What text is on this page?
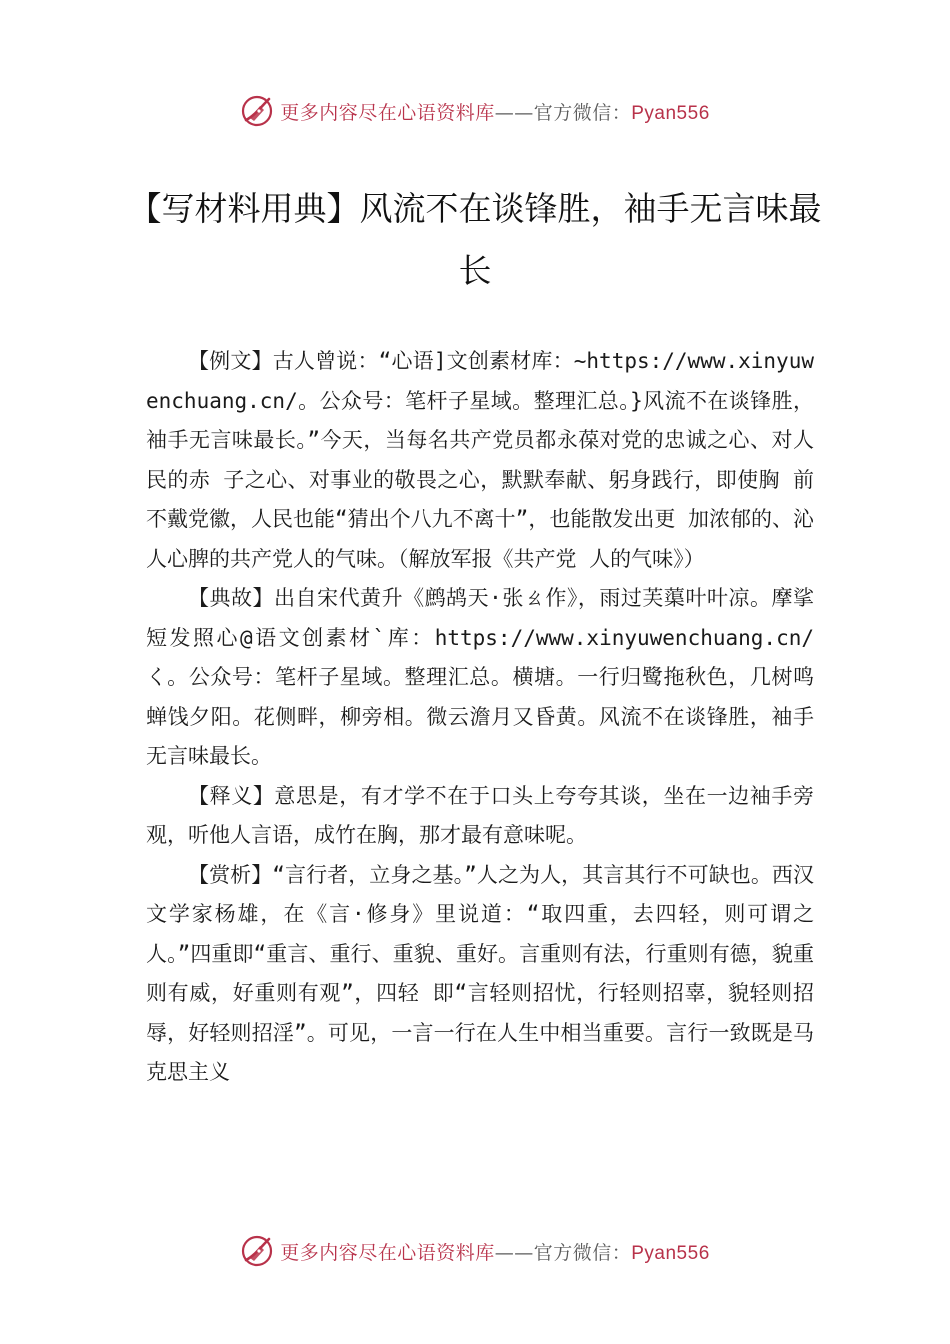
更多内容尽在心语资料库——官方微信：Pyan556
【写材料用典】风流不在谈锋胜，袖手无言味最长

【例文】古人曾说：“心语]文创素材库：~https://www.xinyuwenchuang.cn/。公众号：笔杆子星域。整理汇总。}风流不在谈锋胜，袖手无言味最长。”今天，当每名共产党员都永葆对党的忠诚之心、对人民的赤 子之心、对事业的敬畏之心，默默奉献、躬身践行，即使胸 前不戴党徽，人民也能“猜出个八九不离十”，也能散发出更 加浓郁的、沁人心脾的共产党人的气味。（解放军报《共产党 人的气味》）

【典故】出自宋代黄升《鹧鸪天·张ㄠ作》，雨过芙蕖叶叶凉。摩挲短发照心@语文创素材`库：https://www.xinyuwenchuang.cn/く。公众号：笔杆子星域。整理汇总。横塘。一行归鹭拖秋色，几树鸣蝉饯夕阳。花侧畔，柳旁相。微云澹月又昏黄。风流不在谈锋胜，袖手无言味最长。

【释义】意思是，有才学不在于口头上夸夸其谈，坐在一边袖手旁观，听他人言语，成竹在胸，那才最有意味呢。

【赏析】“言行者，立身之基。”人之为人，其言其行不可缺也。西汉文学家杨雄，在《言·修身》里说道：“取四重，去四轻，则可谓之人。”四重即“重言、重行、重貌、重好。言重则有法，行重则有德，貌重则有威，好重则有观”，四轻 即“言轻则招忧，行轻则招辜，貌轻则招辱，好轻则招淫”。可见，一言一行在人生中相当重要。言行一致既是马克思主义

更多内容尽在心语资料库——官方微信：Pyan556
